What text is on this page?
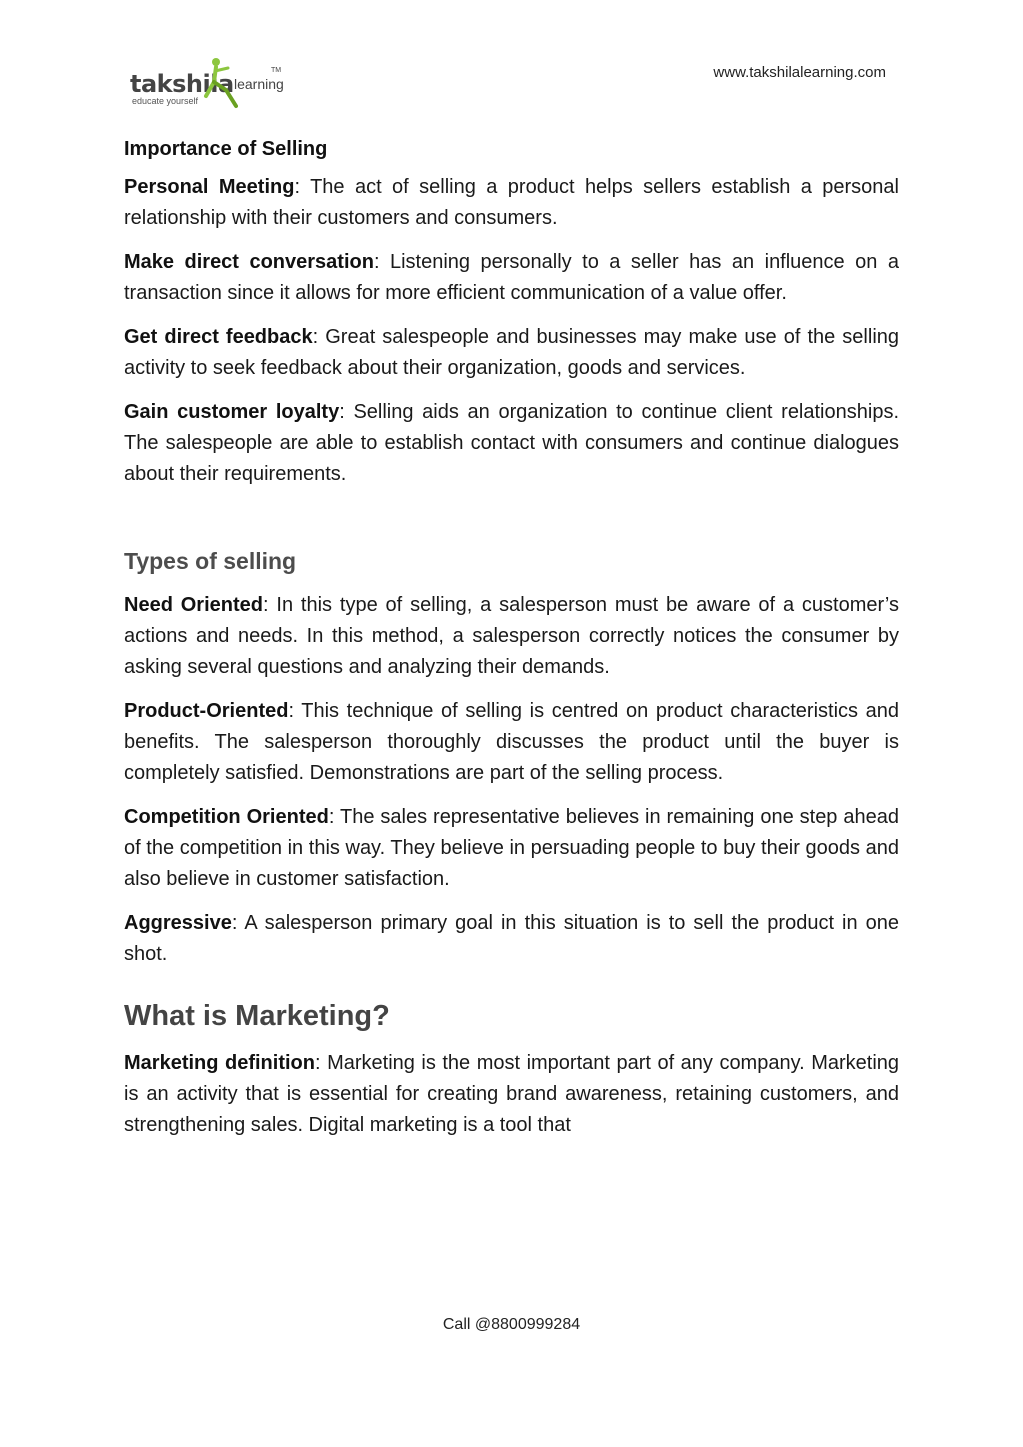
takshila learning
TM
educate yourself
www.takshilalearning.com
Importance of Selling

Personal Meeting: The act of selling a product helps sellers establish a personal relationship with their customers and consumers.

Make direct conversation: Listening personally to a seller has an influence on a transaction since it allows for more efficient communication of a value offer.

Get direct feedback: Great salespeople and businesses may make use of the selling activity to seek feedback about their organization, goods and services.

Gain customer loyalty: Selling aids an organization to continue client relationships. The salespeople are able to establish contact with consumers and continue dialogues about their requirements.

Types of selling

Need Oriented: In this type of selling, a salesperson must be aware of a customer’s actions and needs. In this method, a salesperson correctly notices the consumer by asking several questions and analyzing their demands.

Product-Oriented: This technique of selling is centred on product characteristics and benefits. The salesperson thoroughly discusses the product until the buyer is completely satisfied. Demonstrations are part of the selling process.

Competition Oriented: The sales representative believes in remaining one step ahead of the competition in this way. They believe in persuading people to buy their goods and also believe in customer satisfaction.

Aggressive: A salesperson primary goal in this situation is to sell the product in one shot.

What is Marketing?

Marketing definition: Marketing is the most important part of any company. Marketing is an activity that is essential for creating brand awareness, retaining customers, and strengthening sales. Digital marketing is a tool that

Call @8800999284
